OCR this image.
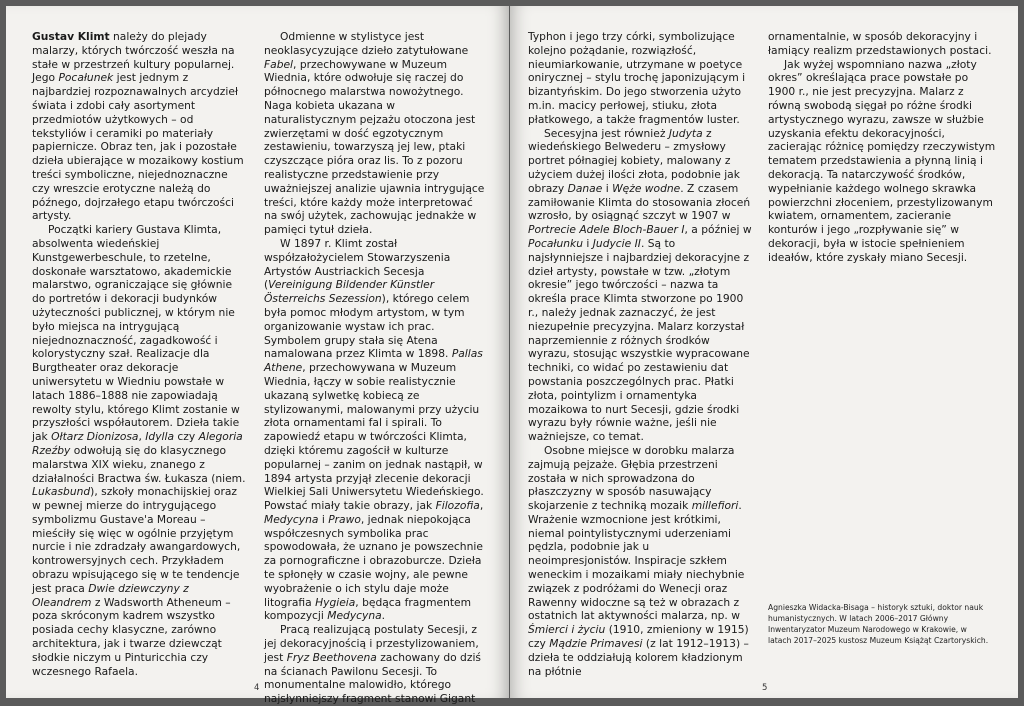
Gustav Klimt należy do plejady malarzy, których twórczość weszła na stałe w przestrzeń kultury popularnej. Jego Pocałunek jest jednym z najbardziej rozpoznawalnych arcydzieł świata i zdobi cały asortyment przedmiotów użytkowych – od tekstyliów i ceramiki po materiały papiernicze. Obraz ten, jak i pozostałe dzieła ubierające w mozaikowy kostium treści symboliczne, niejednoznaczne czy wreszcie erotyczne należą do późnego, dojrzałego etapu twórczości artysty.

Początki kariery Gustava Klimta, absolwenta wiedeńskiej Kunstgewerbeschule, to rzetelne, doskonałe warsztatowo, akademickie malarstwo, ograniczające się głównie do portretów i dekoracji budynków użyteczności publicznej, w którym nie było miejsca na intrygującą niejednoznaczność, zagadkowość i kolorystyczny szał. Realizacje dla Burgtheater oraz dekoracje uniwersytetu w Wiedniu powstałe w latach 1886–1888 nie zapowiadają rewolty stylu, którego Klimt zostanie w przyszłości współautorem. Dzieła takie jak Ołtarz Dionizosa, Idylla czy Alegoria Rzeźby odwołują się do klasycznego malarstwa XIX wieku, znanego z działalności Bractwa św. Łukasza (niem. Lukasbund), szkoły monachijskiej oraz w pewnej mierze do intrygującego symbolizmu Gustave'a Moreau – mieściły się więc w ogólnie przyjętym nurcie i nie zdradzały awangardowych, kontrowersyjnych cech. Przykładem obrazu wpisującego się w te tendencje jest praca Dwie dziewczyny z Oleandrem z Wadsworth Atheneum – poza skróconym kadrem wszystko posiada cechy klasyczne, zarówno architektura, jak i twarze dziewcząt słodkie niczym u Pinturicchia czy wczesnego Rafaela.

Odmienne w stylistyce jest neoklasycyzujące dzieło zatytułowane Fabel, przechowywane w Muzeum Wiednia, które odwołuje się raczej do północnego malarstwa nowożytnego. Naga kobieta ukazana w naturalistycznym pejzażu otoczona jest zwierzętami w dość egzotycznym zestawieniu, towarzyszą jej lew, ptaki czyszczące pióra oraz lis. To z pozoru realistyczne przedstawienie przy uważniejszej analizie ujawnia intrygujące treści, które każdy może interpretować na swój użytek, zachowując jednakże w pamięci tytuł dzieła.

W 1897 r. Klimt został współzałożycielem Stowarzyszenia Artystów Austriackich Secesja (Vereinigung Bildender Künstler Österreichs Sezession), którego celem była pomoc młodym artystom, w tym organizowanie wystaw ich prac. Symbolem grupy stała się Atena namalowana przez Klimta w 1898. Pallas Athene, przechowywana w Muzeum Wiednia, łączy w sobie realistycznie ukazaną sylwetkę kobiecą ze stylizowanymi, malowanymi przy użyciu złota ornamentami fal i spirali. To zapowiedź etapu w twórczości Klimta, dzięki któremu zagościł w kulturze popularnej – zanim on jednak nastąpił, w 1894 artysta przyjął zlecenie dekoracji Wielkiej Sali Uniwersytetu Wiedeńskiego. Powstać miały takie obrazy, jak Filozofia, Medycyna i Prawo, jednak niepokojąca współczesnych symbolika prac spowodowała, że uznano je powszechnie za pornograficzne i obrazoburcze. Dzieła te spłonęły w czasie wojny, ale pewne wyobrażenie o ich stylu daje może litografia Hygieia, będąca fragmentem kompozycji Medycyna.

Pracą realizującą postulaty Secesji, z jej dekoracyjnością i przestylizowaniem, jest Fryz Beethovena zachowany do dziś na ścianach Pawilonu Secesji. To monumentalne malowidło, którego najsłynniejszy fragment stanowi Gigant

4

Typhon i jego trzy córki, symbolizujące kolejno pożądanie, rozwiązłość, nieumiarkowanie, utrzymane w poetyce onirycznej – stylu trochę japonizującym i bizantyńskim. Do jego stworzenia użyto m.in. macicy perłowej, stiuku, złota płatkowego, a także fragmentów luster.

Secesyjna jest również Judyta z wiedeńskiego Belwederu – zmysłowy portret półnagiej kobiety, malowany z użyciem dużej ilości złota, podobnie jak obrazy Danae i Węże wodne. Z czasem zamiłowanie Klimta do stosowania złoceń wzrosło, by osiągnąć szczyt w 1907 w Portrecie Adele Bloch-Bauer I, a później w Pocałunku i Judycie II. Są to najsłynniejsze i najbardziej dekoracyjne z dzieł artysty, powstałe w tzw. „złotym okresie” jego twórczości – nazwa ta określa prace Klimta stworzone po 1900 r., należy jednak zaznaczyć, że jest niezupełnie precyzyjna. Malarz korzystał naprzemiennie z różnych środków wyrazu, stosując wszystkie wypracowane techniki, co widać po zestawieniu dat powstania poszczególnych prac. Płatki złota, pointylizm i ornamentyka mozaikowa to nurt Secesji, gdzie środki wyrazu były równie ważne, jeśli nie ważniejsze, co temat.

Osobne miejsce w dorobku malarza zajmują pejzaże. Głębia przestrzeni została w nich sprowadzona do płaszczyzny w sposób nasuwający skojarzenie z techniką mozaik millefiori. Wrażenie wzmocnione jest krótkimi, niemal pointylistycznymi uderzeniami pędzla, podobnie jak u neoimpresjonistów. Inspiracje szkłem weneckim i mozaikami miały niechybnie związek z podróżami do Wenecji oraz Rawenny widoczne są też w obrazach z ostatnich lat aktywności malarza, np. w Śmierci i życiu (1910, zmieniony w 1915) czy Mądzie Primavesi (z lat 1912–1913) – dzieła te oddziałują kolorem kładzionym na płótnie

ornamentalnie, w sposób dekoracyjny i łamiący realizm przedstawionych postaci.

Jak wyżej wspomniano nazwa „złoty okres” określająca prace powstałe po 1900 r., nie jest precyzyjna. Malarz z równą swobodą sięgał po różne środki artystycznego wyrazu, zawsze w służbie uzyskania efektu dekoracyjności, zacierając różnicę pomiędzy rzeczywistym tematem przedstawienia a płynną linią i dekoracją. Ta natarczywość środków, wypełnianie każdego wolnego skrawka powierzchni złoceniem, przestylizowanym kwiatem, ornamentem, zacieranie konturów i jego „rozpływanie się” w dekoracji, była w istocie spełnieniem ideałów, które zyskały miano Secesji.

Agnieszka Widacka-Bisaga – historyk sztuki, doktor nauk humanistycznych. W latach 2006–2017 Główny Inwentaryzator Muzeum Narodowego w Krakowie, w latach 2017–2025 kustosz Muzeum Książąt Czartoryskich.
5
